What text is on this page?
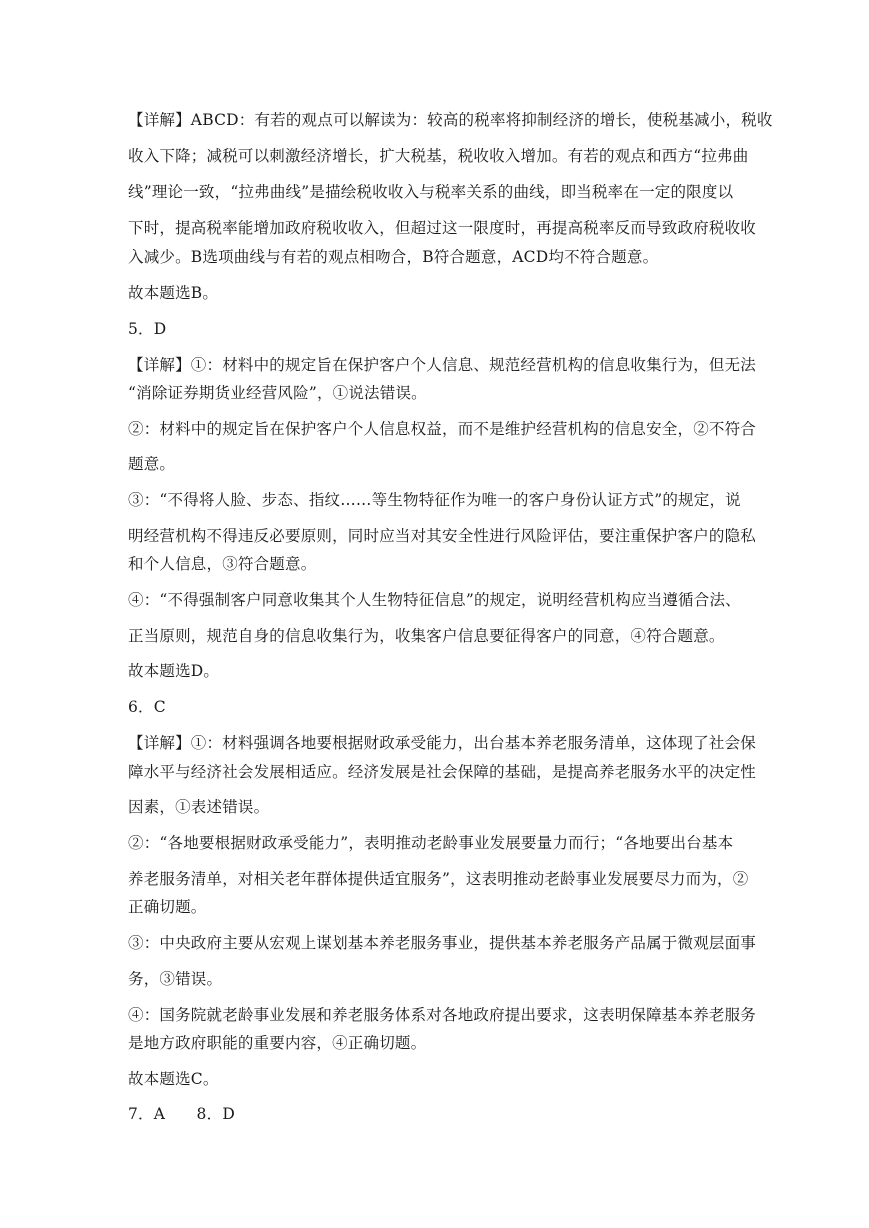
【详解】ABCD：有若的观点可以解读为：较高的税率将抑制经济的增长，使税基减小，税收
收入下降；减税可以刺激经济增长，扩大税基，税收收入增加。有若的观点和西方“拉弗曲
线”理论一致，“拉弗曲线”是描绘税收收入与税率关系的曲线，即当税率在一定的限度以
下时，提高税率能增加政府税收收入，但超过这一限度时，再提高税率反而导致政府税收收
入减少。B选项曲线与有若的观点相吻合，B符合题意，ACD均不符合题意。
故本题选B。
5．D
【详解】①：材料中的规定旨在保护客户个人信息、规范经营机构的信息收集行为，但无法
“消除证券期货业经营风险”，①说法错误。
②：材料中的规定旨在保护客户个人信息权益，而不是维护经营机构的信息安全，②不符合
题意。
③：“不得将人脸、步态、指纹……等生物特征作为唯一的客户身份认证方式”的规定，说
明经营机构不得违反必要原则，同时应当对其安全性进行风险评估，要注重保护客户的隐私
和个人信息，③符合题意。
④：“不得强制客户同意收集其个人生物特征信息”的规定，说明经营机构应当遵循合法、
正当原则，规范自身的信息收集行为，收集客户信息要征得客户的同意，④符合题意。
故本题选D。
6．C
【详解】①：材料强调各地要根据财政承受能力，出台基本养老服务清单，这体现了社会保
障水平与经济社会发展相适应。经济发展是社会保障的基础，是提高养老服务水平的决定性
因素，①表述错误。
②：“各地要根据财政承受能力”，表明推动老龄事业发展要量力而行；“各地要出台基本
养老服务清单，对相关老年群体提供适宜服务”，这表明推动老龄事业发展要尽力而为，②
正确切题。
③：中央政府主要从宏观上谋划基本养老服务事业，提供基本养老服务产品属于微观层面事
务，③错误。
④：国务院就老龄事业发展和养老服务体系对各地政府提出要求，这表明保障基本养老服务
是地方政府职能的重要内容，④正确切题。
故本题选C。
7．A　　8．D
